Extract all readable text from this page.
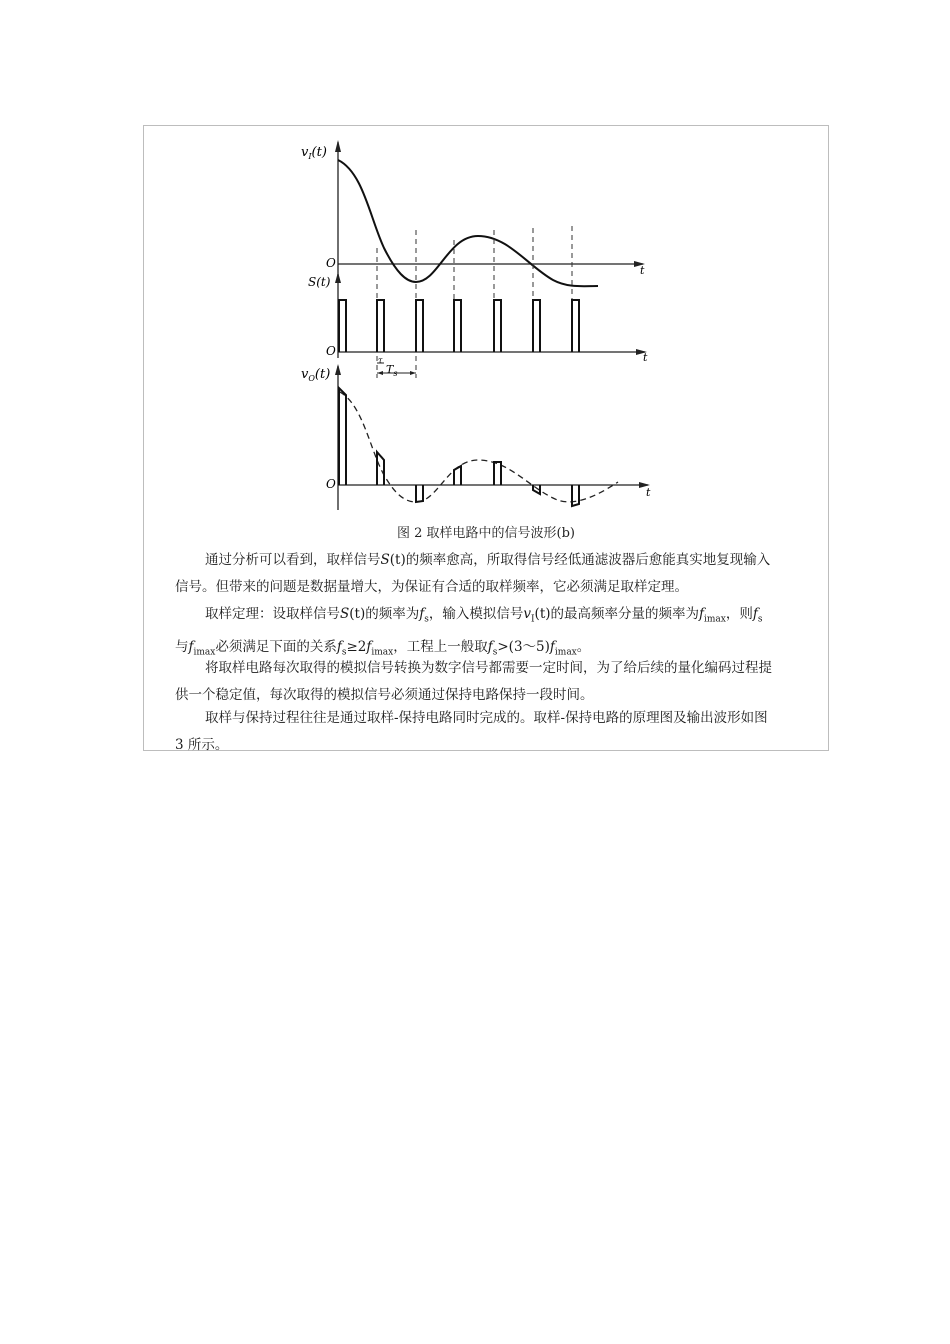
$v_I(t)$
O
t
S(t)
O	t
τ
$T_s$
$v_O(t)$
O
t
图 2 取样电路中的信号波形(b)

通过分析可以看到，取样信号S(t)的频率愈高，所取得信号经低通滤波器后愈能真实地复现输入
信号。但带来的问题是数据量增大，为保证有合适的取样频率，它必须满足取样定理。

取样定理：设取样信号S(t)的频率为$f_s$，输入模拟信号$v_I(t)$的最高频率分量的频率为$f_{imax}$，则$f_s$
与$f_{imax}$必须满足下面的关系$f_s\ge 2f_{imax}$，工程上一般取$f_s>(3\sim 5)f_{imax}$。

将取样电路每次取得的模拟信号转换为数字信号都需要一定时间，为了给后续的量化编码过程提
供一个稳定值，每次取得的模拟信号必须通过保持电路保持一段时间。

取样与保持过程往往是通过取样-保持电路同时完成的。取样-保持电路的原理图及输出波形如图
3 所示。
